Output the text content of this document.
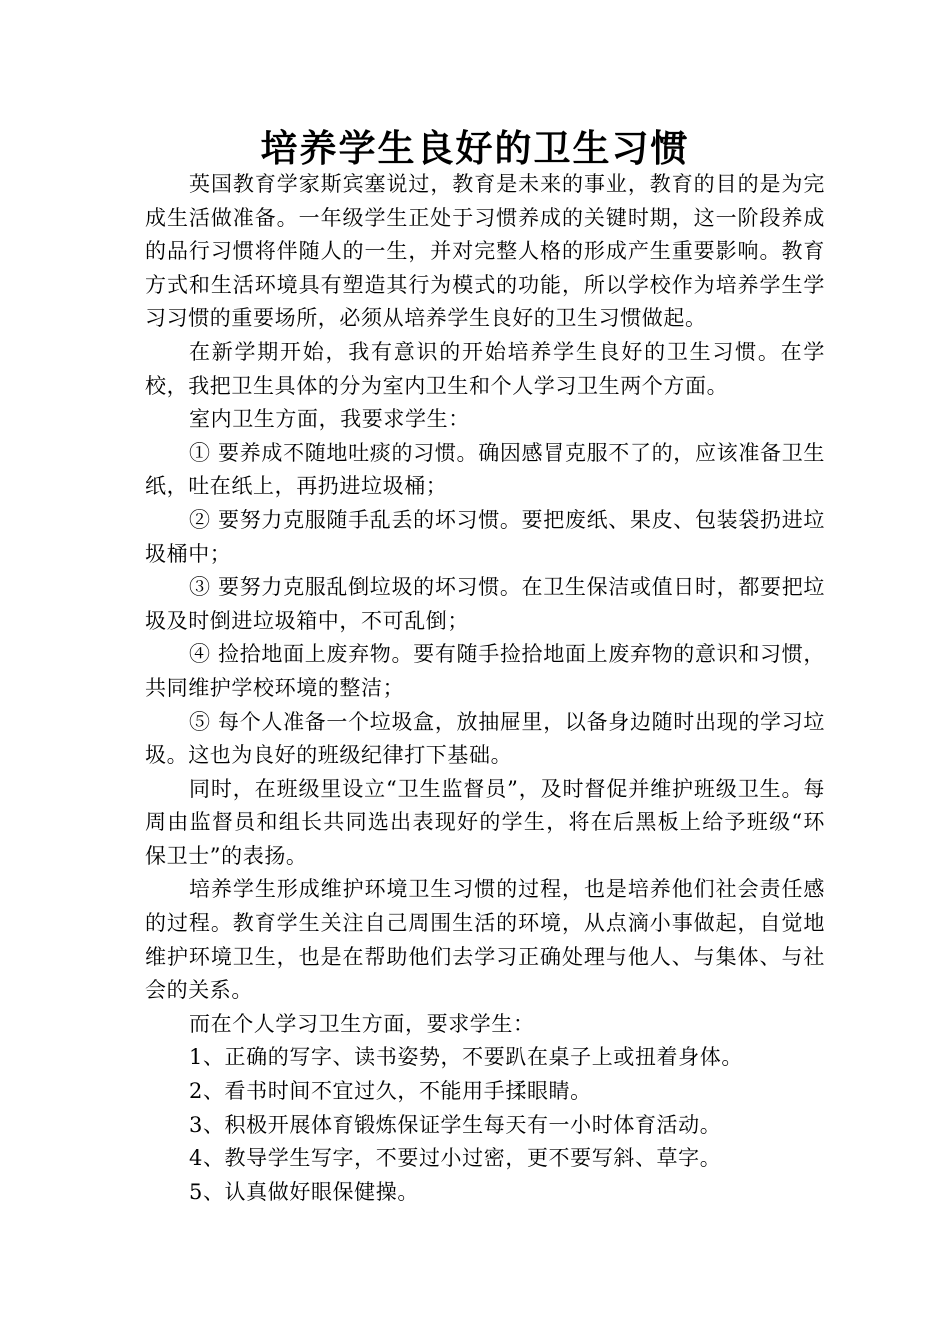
培养学生良好的卫生习惯

英国教育学家斯宾塞说过，教育是未来的事业，教育的目的是为完成生活做准备。一年级学生正处于习惯养成的关键时期，这一阶段养成的品行习惯将伴随人的一生，并对完整人格的形成产生重要影响。教育方式和生活环境具有塑造其行为模式的功能，所以学校作为培养学生学习习惯的重要场所，必须从培养学生良好的卫生习惯做起。

在新学期开始，我有意识的开始培养学生良好的卫生习惯。在学校，我把卫生具体的分为室内卫生和个人学习卫生两个方面。

室内卫生方面，我要求学生：

① 要养成不随地吐痰的习惯。确因感冒克服不了的，应该准备卫生纸，吐在纸上，再扔进垃圾桶；

② 要努力克服随手乱丢的坏习惯。要把废纸、果皮、包装袋扔进垃圾桶中；

③ 要努力克服乱倒垃圾的坏习惯。在卫生保洁或值日时，都要把垃圾及时倒进垃圾箱中，不可乱倒；

④ 捡拾地面上废弃物。要有随手捡拾地面上废弃物的意识和习惯，共同维护学校环境的整洁；

⑤ 每个人准备一个垃圾盒，放抽屉里，以备身边随时出现的学习垃圾。这也为良好的班级纪律打下基础。

同时，在班级里设立“卫生监督员”，及时督促并维护班级卫生。每周由监督员和组长共同选出表现好的学生，将在后黑板上给予班级“环保卫士”的表扬。

培养学生形成维护环境卫生习惯的过程，也是培养他们社会责任感的过程。教育学生关注自己周围生活的环境，从点滴小事做起，自觉地维护环境卫生，也是在帮助他们去学习正确处理与他人、与集体、与社会的关系。

而在个人学习卫生方面，要求学生：

1、正确的写字、读书姿势，不要趴在桌子上或扭着身体。

2、看书时间不宜过久，不能用手揉眼睛。

3、积极开展体育锻炼保证学生每天有一小时体育活动。

4、教导学生写字，不要过小过密，更不要写斜、草字。

5、认真做好眼保健操。
